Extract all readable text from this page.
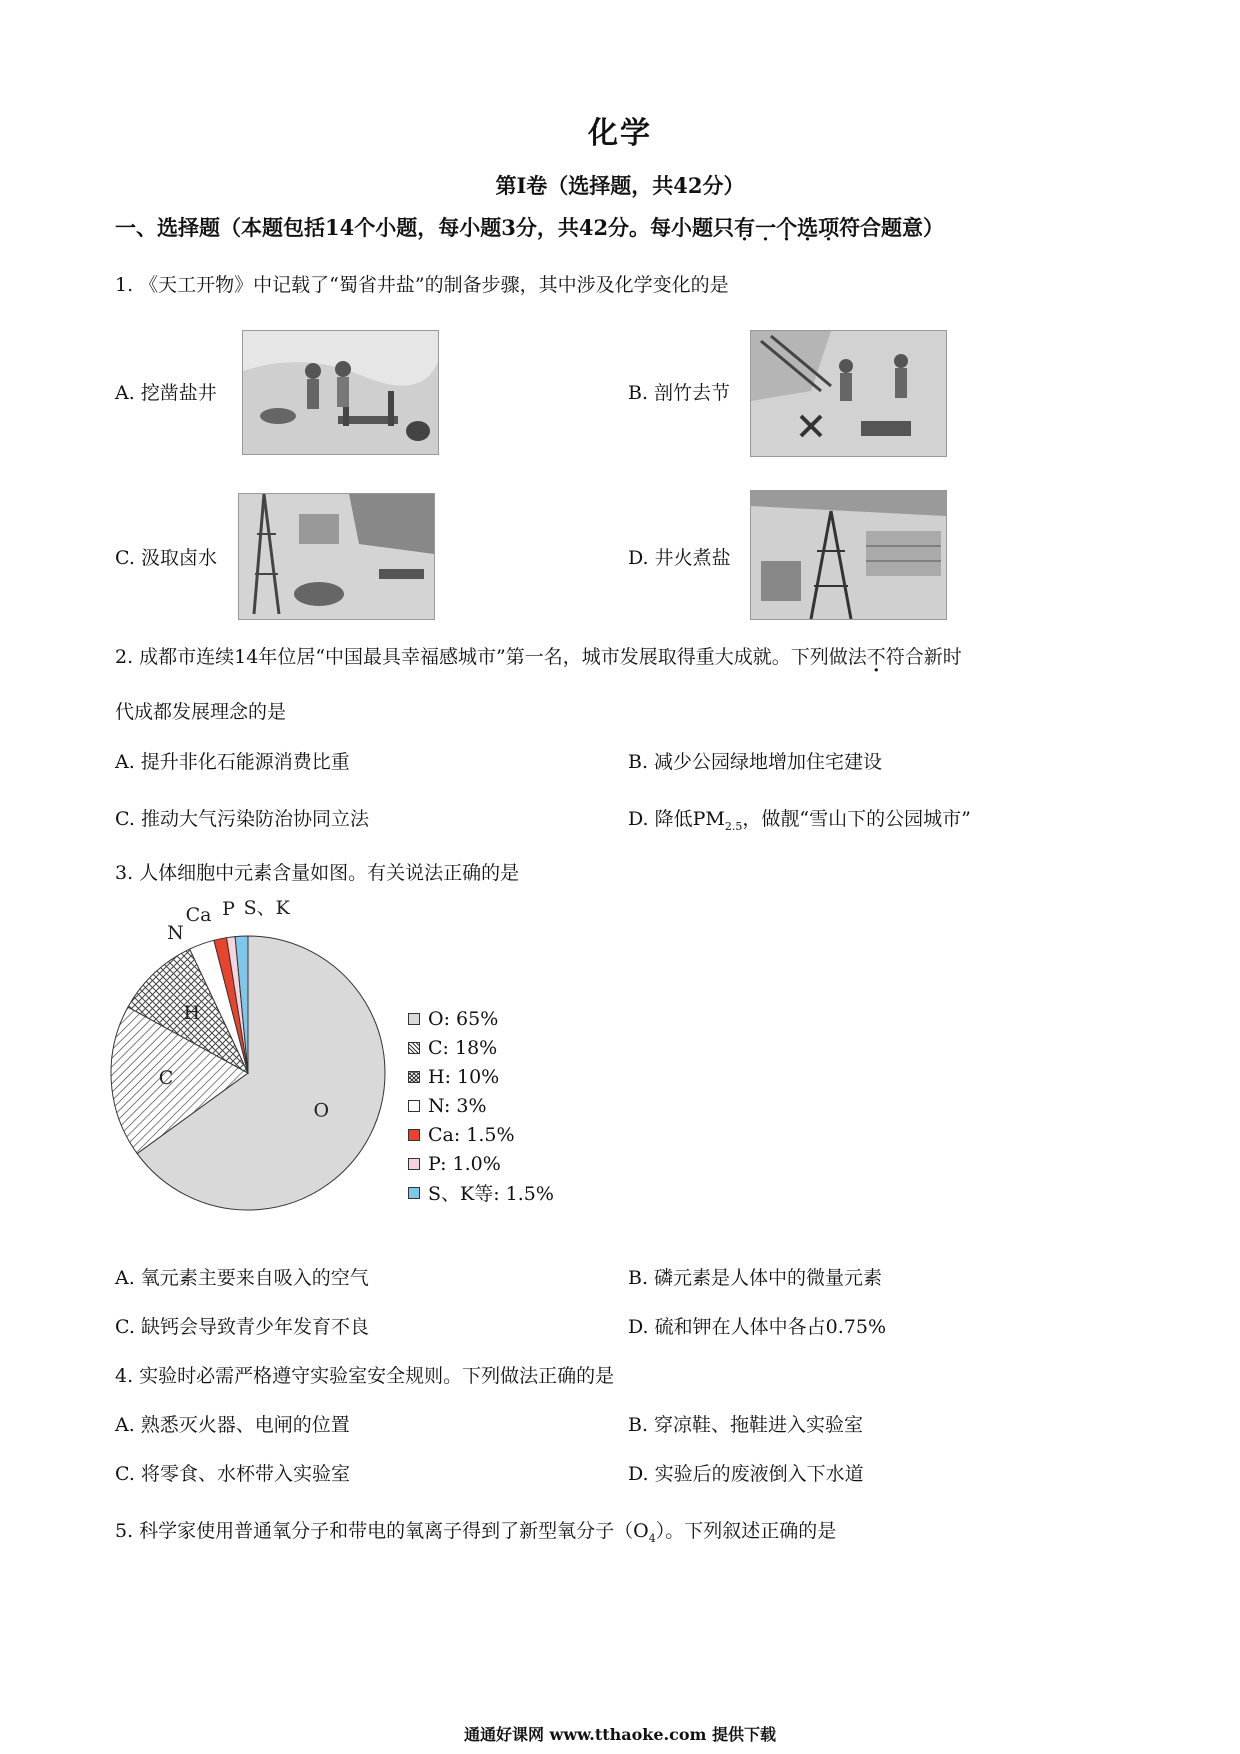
化学
第I卷（选择题，共42分）
一、选择题（本题包括14个小题，每小题3分，共42分。每小题只有一个选项符合题意）
1. 《天工开物》中记载了“蜀省井盐”的制备步骤，其中涉及化学变化的是
A. 挖凿盐井	B. 剖竹去节
C. 汲取卤水	D. 井火煮盐
2. 成都市连续14年位居“中国最具幸福感城市”第一名，城市发展取得重大成就。下列做法不符合新时
代成都发展理念的是
A. 提升非化石能源消费比重	B. 减少公园绿地增加住宅建设
C. 推动大气污染防治协同立法	D. 降低$PM_{2.5}$，做靓“雪山下的公园城市”
3. 人体细胞中元素含量如图。有关说法正确的是
O
C
H
N
Ca P S、K
O: 65%
C: 18%
H: 10%
N: 3%
Ca: 1.5%
P: 1.0%
S、K等: 1.5%
A. 氧元素主要来自吸入的空气	B. 磷元素是人体中的微量元素
C. 缺钙会导致青少年发育不良	D. 硫和钾在人体中各占0.75%
4. 实验时必需严格遵守实验室安全规则。下列做法正确的是
A. 熟悉灭火器、电闸的位置	B. 穿凉鞋、拖鞋进入实验室
C. 将零食、水杯带入实验室	D. 实验后的废液倒入下水道
5. 科学家使用普通氧分子和带电的氧离子得到了新型氧分子$(O_4)$。下列叙述正确的是
通通好课网 www.tthaoke.com 提供下载
